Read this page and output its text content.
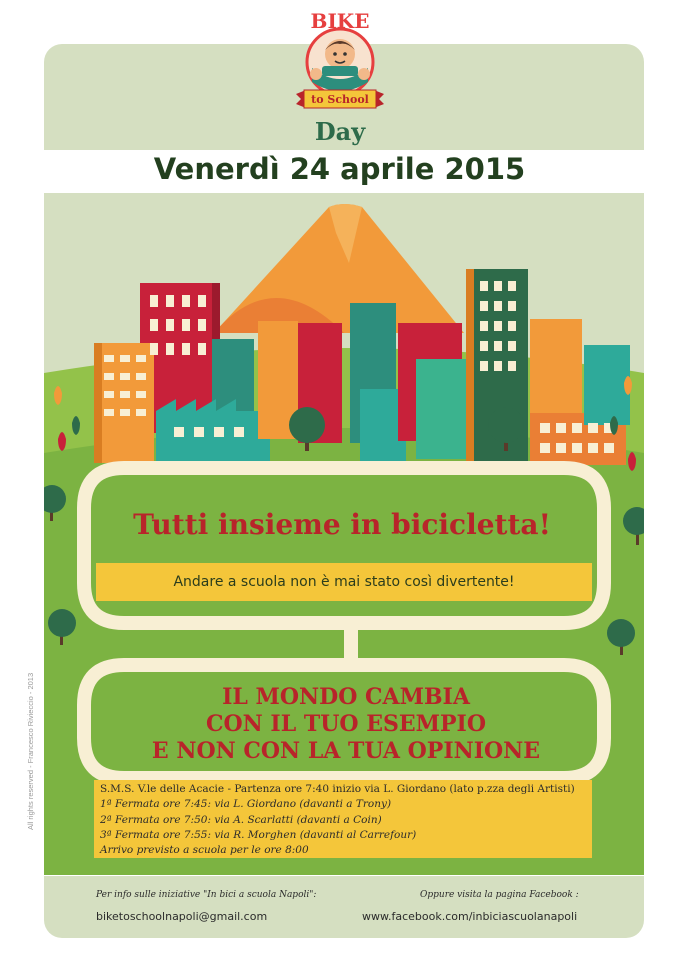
BIKE
to School
Day
Venerdì 24 aprile 2015
Tutti insieme in bicicletta!
Andare a scuola non è mai stato così divertente!
IL MONDO CAMBIA
CON IL TUO ESEMPIO
E NON CON LA TUA OPINIONE
S.M.S. V.le delle Acacie - Partenza ore 7:40 inizio via L. Giordano (lato p.zza degli Artisti)
1ª Fermata ore 7:45: via L. Giordano (davanti a Trony)
2ª Fermata ore 7:50: via A. Scarlatti (davanti a Coin)
3ª Fermata ore 7:55: via R. Morghen (davanti al Carrefour)
Arrivo previsto a scuola per le ore 8:00
Per info sulle iniziative "In bici a scuola Napoli":
biketoschoolnapoli@gmail.com
Oppure visita la pagina Facebook :
www.facebook.com/inbiciascuolanapoli
All rights reserved - Francesco Rivieccio - 2013
